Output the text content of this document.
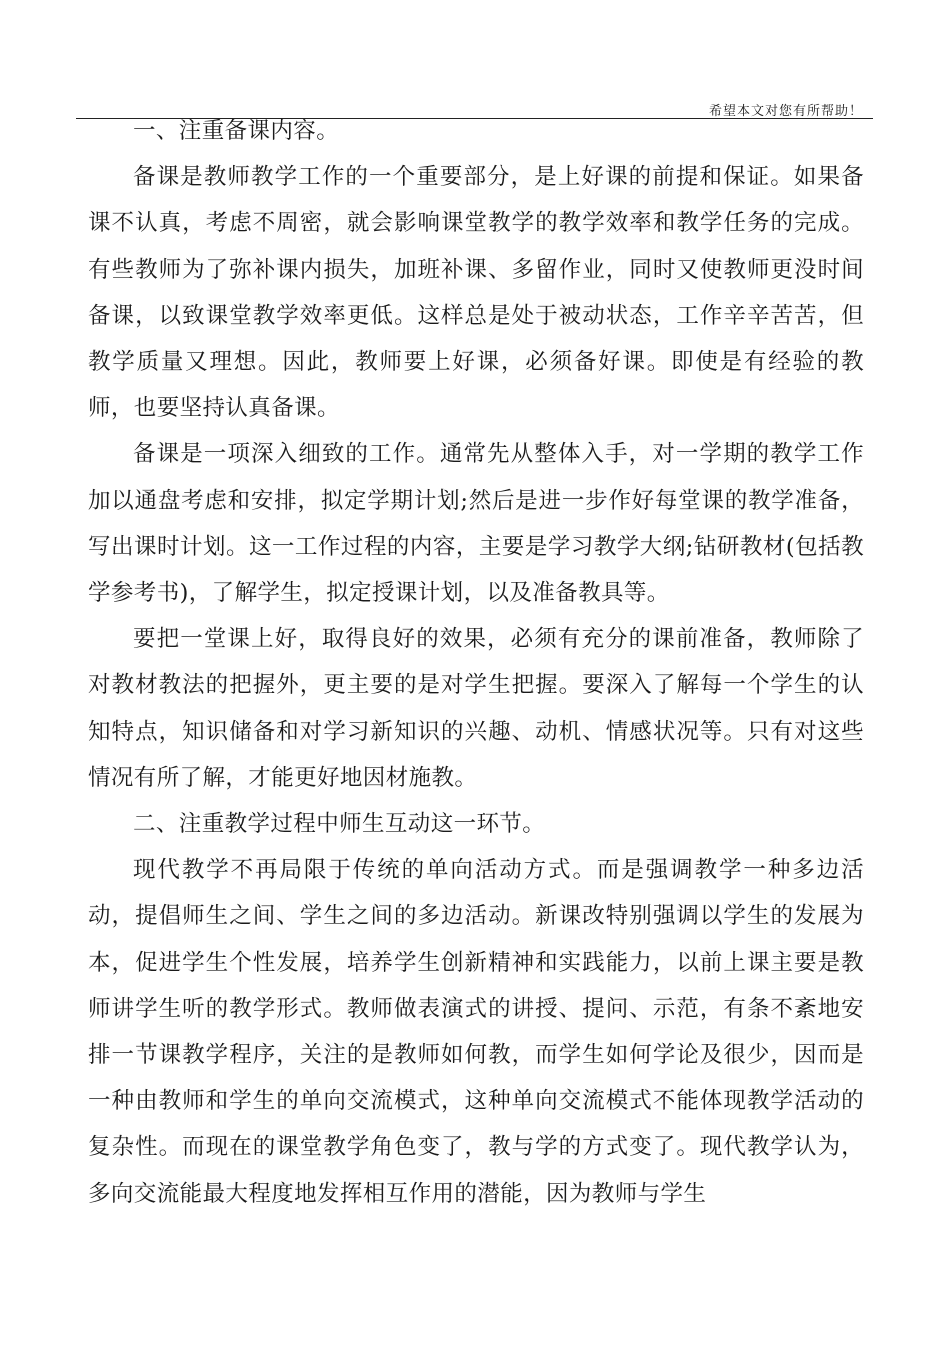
希望本文对您有所帮助！

一、注重备课内容。

备课是教师教学工作的一个重要部分，是上好课的前提和保证。如果备课不认真，考虑不周密，就会影响课堂教学的教学效率和教学任务的完成。有些教师为了弥补课内损失，加班补课、多留作业，同时又使教师更没时间备课，以致课堂教学效率更低。这样总是处于被动状态，工作辛辛苦苦，但教学质量又理想。因此，教师要上好课，必须备好课。即使是有经验的教师，也要坚持认真备课。

备课是一项深入细致的工作。通常先从整体入手，对一学期的教学工作加以通盘考虑和安排，拟定学期计划;然后是进一步作好每堂课的教学准备，写出课时计划。这一工作过程的内容，主要是学习教学大纲;钻研教材(包括教学参考书)，了解学生，拟定授课计划，以及准备教具等。

要把一堂课上好，取得良好的效果，必须有充分的课前准备，教师除了对教材教法的把握外，更主要的是对学生把握。要深入了解每一个学生的认知特点，知识储备和对学习新知识的兴趣、动机、情感状况等。只有对这些情况有所了解，才能更好地因材施教。

二、注重教学过程中师生互动这一环节。

现代教学不再局限于传统的单向活动方式。而是强调教学一种多边活动，提倡师生之间、学生之间的多边活动。新课改特别强调以学生的发展为本，促进学生个性发展，培养学生创新精神和实践能力，以前上课主要是教师讲学生听的教学形式。教师做表演式的讲授、提问、示范，有条不紊地安排一节课教学程序，关注的是教师如何教，而学生如何学论及很少，因而是一种由教师和学生的单向交流模式，这种单向交流模式不能体现教学活动的复杂性。而现在的课堂教学角色变了，教与学的方式变了。现代教学认为，多向交流能最大程度地发挥相互作用的潜能，因为教师与学生
